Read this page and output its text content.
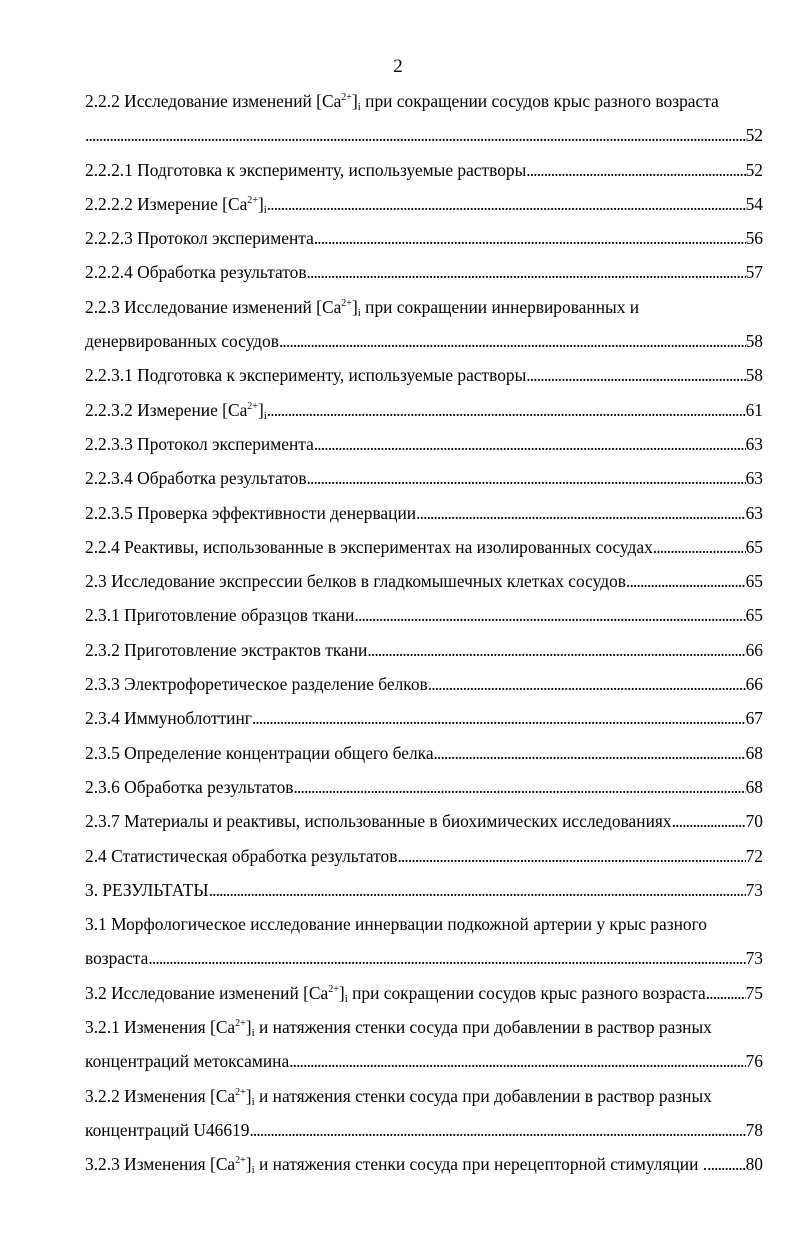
2
2.2.2 Исследование изменений $[Ca^{2+}]_i$ при сокращении сосудов крыс разного возраста
. . .
52
2.2.2.1 Подготовка к эксперименту, используемые растворы . . .	52
2.2.2.2 Измерение $[Ca^{2+}]_i$ . . .	54
2.2.2.3 Протокол эксперимента . . .	56
2.2.2.4 Обработка результатов . . .	57
2.2.3 Исследование изменений $[Ca^{2+}]_i$ при сокращении иннервированных и
денервированных сосудов . . .	58
2.2.3.1 Подготовка к эксперименту, используемые растворы . . .	58
2.2.3.2 Измерение $[Ca^{2+}]_i$ . . .	61
2.2.3.3 Протокол эксперимента . . .	63
2.2.3.4 Обработка результатов . . .	63
2.2.3.5 Проверка эффективности денервации . . .	63
2.2.4 Реактивы, использованные в экспериментах на изолированных сосудах . . .	65
2.3 Исследование экспрессии белков в гладкомышечных клетках сосудов . . .	65
2.3.1 Приготовление образцов ткани . . .	65
2.3.2 Приготовление экстрактов ткани . . .	66
2.3.3 Электрофоретическое разделение белков . . .	66
2.3.4 Иммуноблоттинг . . .	67
2.3.5 Определение концентрации общего белка . . .	68
2.3.6 Обработка результатов . . .	68
2.3.7 Материалы и реактивы, использованные в биохимических исследованиях . . .	70
2.4 Статистическая обработка результатов . . .	72
3. РЕЗУЛЬТАТЫ . . .	73
3.1 Морфологическое исследование иннервации подкожной артерии у крыс разного
возраста . . .	73
3.2 Исследование изменений $[Ca^{2+}]_i$ при сокращении сосудов крыс разного возраста . . . 75
3.2.1 Изменения $[Ca^{2+}]_i$ и натяжения стенки сосуда при добавлении в раствор разных
концентраций метоксамина . . .	76
3.2.2 Изменения $[Ca^{2+}]_i$ и натяжения стенки сосуда при добавлении в раствор разных
концентраций U46619 . . .	78
3.2.3 Изменения $[Ca^{2+}]_i$ и натяжения стенки сосуда при нерецепторной стимуляции . . . . 80
